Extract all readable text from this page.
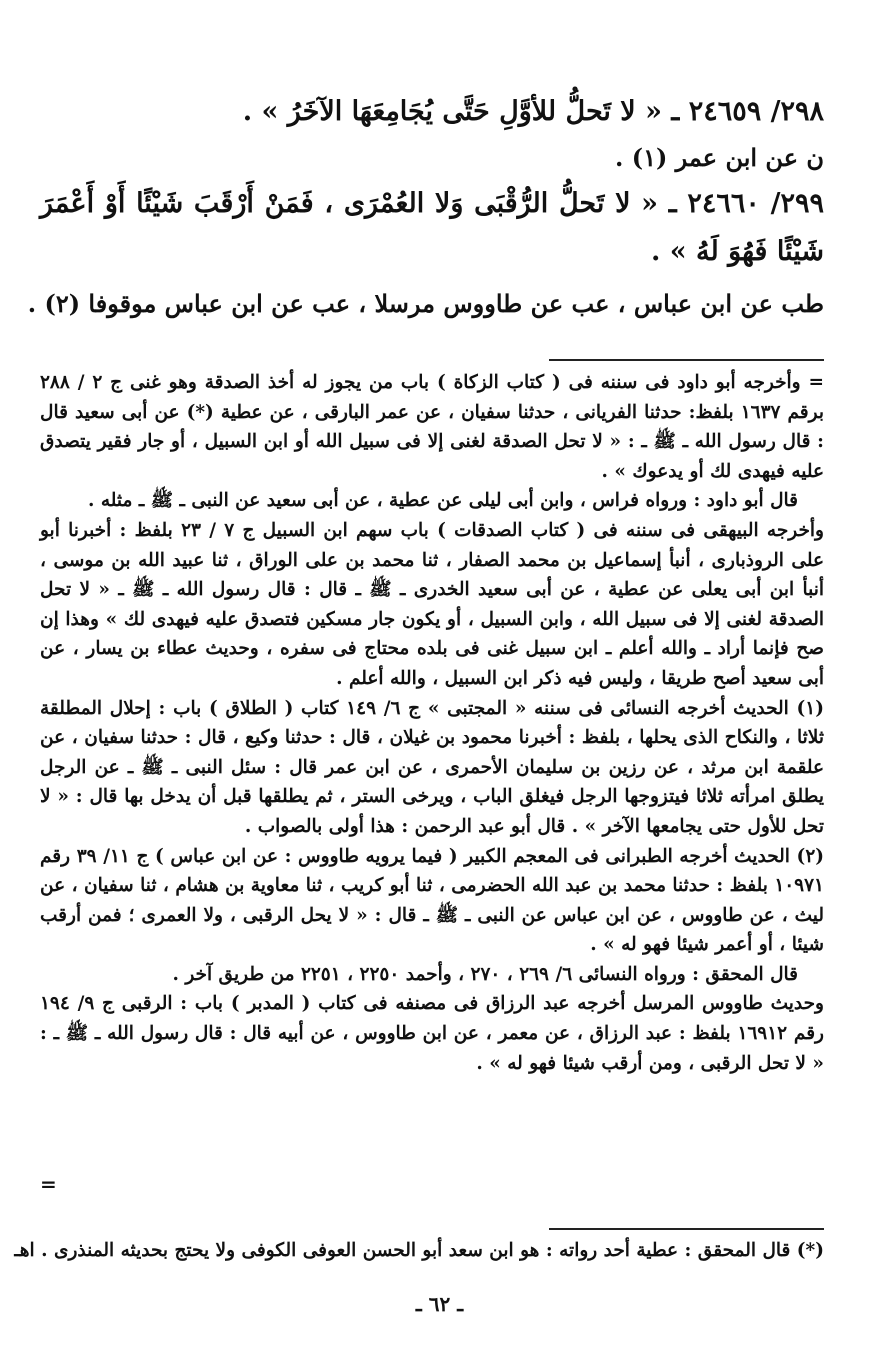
٢٩٨/ ٢٤٦٥٩ ـ « لا تَحلُّ للأوَّلِ حَتَّى يُجَامِعَهَا الآخَرُ » .

ن عن ابن عمر (١) .

٢٩٩/ ٢٤٦٦٠ ـ « لا تَحلُّ الرُّقْبَى وَلا العُمْرَى ، فَمَنْ أَرْقَبَ شَيْئًا أَوْ أَعْمَرَ شَيْئًا فَهُوَ لَهُ » .

طب عن ابن عباس ، عب عن طاووس مرسلا ، عب عن ابن عباس موقوفا (٢) .

= وأخرجه أبو داود فى سننه فى ( كتاب الزكاة ) باب من يجوز له أخذ الصدقة وهو غنى ج ٢ / ٢٨٨ برقم ١٦٣٧ بلفظ: حدثنا الفريانى ، حدثنا سفيان ، عن عمر البارقى ، عن عطية (*) عن أبى سعيد قال : قال رسول الله ـ ﷺ ـ : « لا تحل الصدقة لغنى إلا فى سبيل الله أو ابن السبيل ، أو جار فقير يتصدق عليه فيهدى لك أو يدعوك » .

قال أبو داود : ورواه فراس ، وابن أبى ليلى عن عطية ، عن أبى سعيد عن النبى ـ ﷺ ـ مثله .

وأخرجه البيهقى فى سننه فى ( كتاب الصدقات ) باب سهم ابن السبيل ج ٧ / ٢٣ بلفظ : أخبرنا أبو على الروذبارى ، أنبأ إسماعيل بن محمد الصفار ، ثنا محمد بن على الوراق ، ثنا عبيد الله بن موسى ، أنبأ ابن أبى يعلى عن عطية ، عن أبى سعيد الخدرى ـ ﷺ ـ قال : قال رسول الله ـ ﷺ ـ « لا تحل الصدقة لغنى إلا فى سبيل الله ، وابن السبيل ، أو يكون جار مسكين فتصدق عليه فيهدى لك » وهذا إن صح فإنما أراد ـ والله أعلم ـ ابن سبيل غنى فى بلده محتاج فى سفره ، وحديث عطاء بن يسار ، عن أبى سعيد أصح طريقا ، وليس فيه ذكر ابن السبيل ، والله أعلم .

(١) الحديث أخرجه النسائى فى سننه « المجتبى » ج ٦/ ١٤٩ كتاب ( الطلاق ) باب : إحلال المطلقة ثلاثا ، والنكاح الذى يحلها ، بلفظ : أخبرنا محمود بن غيلان ، قال : حدثنا وكيع ، قال : حدثنا سفيان ، عن علقمة ابن مرثد ، عن رزين بن سليمان الأحمرى ، عن ابن عمر قال : سئل النبى ـ ﷺ ـ عن الرجل يطلق امرأته ثلاثا فيتزوجها الرجل فيغلق الباب ، ويرخى الستر ، ثم يطلقها قبل أن يدخل بها قال : « لا تحل للأول حتى يجامعها الآخر » . قال أبو عبد الرحمن : هذا أولى بالصواب .

(٢) الحديث أخرجه الطبرانى فى المعجم الكبير ( فيما يرويه طاووس : عن ابن عباس ) ج ١١/ ٣٩ رقم ١٠٩٧١ بلفظ : حدثنا محمد بن عبد الله الحضرمى ، ثنا أبو كريب ، ثنا معاوية بن هشام ، ثنا سفيان ، عن ليث ، عن طاووس ، عن ابن عباس عن النبى ـ ﷺ ـ قال : « لا يحل الرقبى ، ولا العمرى ؛ فمن أرقب شيئا ، أو أعمر شيئا فهو له » .

قال المحقق : ورواه النسائى ٦/ ٢٦٩ ، ٢٧٠ ، وأحمد ٢٢٥٠ ، ٢٢٥١ من طريق آخر .

وحديث طاووس المرسل أخرجه عبد الرزاق فى مصنفه فى كتاب ( المدبر ) باب : الرقبى ج ٩/ ١٩٤ رقم ١٦٩١٢ بلفظ : عبد الرزاق ، عن معمر ، عن ابن طاووس ، عن أبيه قال : قال رسول الله ـ ﷺ ـ : « لا تحل الرقبى ، ومن أرقب شيئا فهو له » .

=
(*) قال المحقق : عطية أحد رواته : هو ابن سعد أبو الحسن العوفى الكوفى ولا يحتج بحديثه المنذرى . اهـ
ـ ٦٢ ـ
